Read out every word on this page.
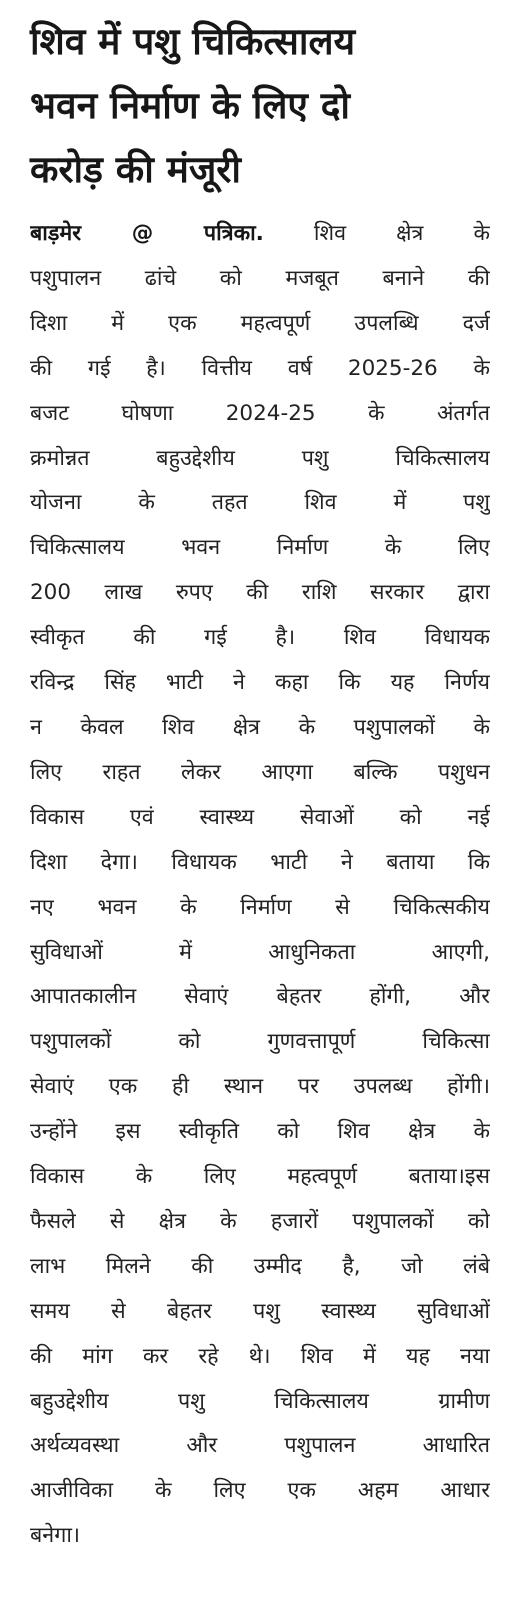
शिव में पशु चिकित्सालय
भवन निर्माण के लिए दो
करोड़ की मंजूरी
बाड़मेर @ पत्रिका. शिव क्षेत्र के
पशुपालन ढांचे को मजबूत बनाने की
दिशा में एक महत्वपूर्ण उपलब्धि दर्ज
की गई है। वित्तीय वर्ष 2025-26 के
बजट घोषणा 2024-25 के अंतर्गत
क्रमोन्नत बहुउद्देशीय पशु चिकित्सालय
योजना के तहत शिव में पशु
चिकित्सालय भवन निर्माण के लिए
200 लाख रुपए की राशि सरकार द्वारा
स्वीकृत की गई है। शिव विधायक
रविन्द्र सिंह भाटी ने कहा कि यह निर्णय
न केवल शिव क्षेत्र के पशुपालकों के
लिए राहत लेकर आएगा बल्कि पशुधन
विकास एवं स्वास्थ्य सेवाओं को नई
दिशा देगा। विधायक भाटी ने बताया कि
नए भवन के निर्माण से चिकित्सकीय
सुविधाओं में आधुनिकता आएगी,
आपातकालीन सेवाएं बेहतर होंगी, और
पशुपालकों को गुणवत्तापूर्ण चिकित्सा
सेवाएं एक ही स्थान पर उपलब्ध होंगी।
उन्होंने इस स्वीकृति को शिव क्षेत्र के
विकास के लिए महत्वपूर्ण बताया।इस
फैसले से क्षेत्र के हजारों पशुपालकों को
लाभ मिलने की उम्मीद है, जो लंबे
समय से बेहतर पशु स्वास्थ्य सुविधाओं
की मांग कर रहे थे। शिव में यह नया
बहुउद्देशीय पशु चिकित्सालय ग्रामीण
अर्थव्यवस्था और पशुपालन आधारित
आजीविका के लिए एक अहम आधार
बनेगा।
